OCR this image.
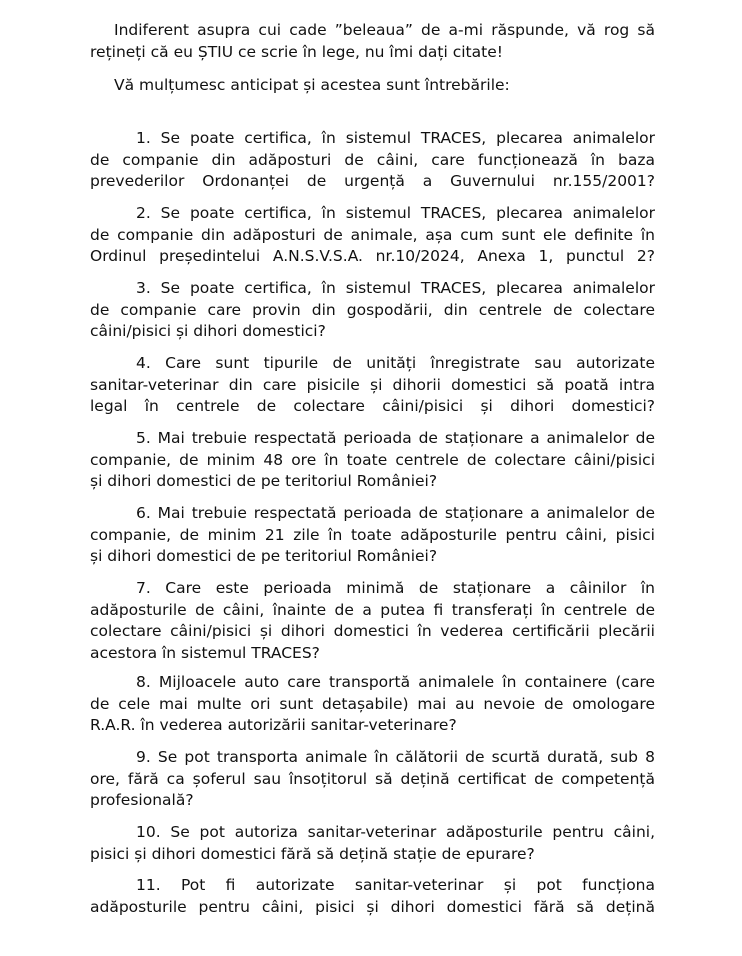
Indiferent asupra cui cade ”beleaua” de a-mi răspunde, vă rog să
rețineți că eu ȘTIU ce scrie în lege, nu îmi dați citate!
Vă mulțumesc anticipat și acestea sunt întrebările:
1. Se poate certifica, în sistemul TRACES, plecarea animalelor
de companie din adăposturi de câini, care funcționează în baza
prevederilor Ordonanței de urgență a Guvernului nr.155/2001?
2. Se poate certifica, în sistemul TRACES, plecarea animalelor
de companie din adăposturi de animale, așa cum sunt ele definite în
Ordinul președintelui A.N.S.V.S.A. nr.10/2024, Anexa 1, punctul 2?
3. Se poate certifica, în sistemul TRACES, plecarea animalelor
de companie care provin din gospodării, din centrele de colectare
câini/pisici și dihori domestici?
4. Care sunt tipurile de unități înregistrate sau autorizate
sanitar-veterinar din care pisicile și dihorii domestici să poată intra
legal în centrele de colectare câini/pisici și dihori domestici?
5. Mai trebuie respectată perioada de staționare a animalelor de
companie, de minim 48 ore în toate centrele de colectare câini/pisici
și dihori domestici de pe teritoriul României?
6. Mai trebuie respectată perioada de staționare a animalelor de
companie, de minim 21 zile în toate adăposturile pentru câini, pisici
și dihori domestici de pe teritoriul României?
7. Care este perioada minimă de staționare a câinilor în
adăposturile de câini, înainte de a putea fi transferați în centrele de
colectare câini/pisici și dihori domestici în vederea certificării plecării
acestora în sistemul TRACES?
8. Mijloacele auto care transportă animalele în containere (care
de cele mai multe ori sunt detașabile) mai au nevoie de omologare
R.A.R. în vederea autorizării sanitar-veterinare?
9. Se pot transporta animale în călătorii de scurtă durată, sub 8
ore, fără ca șoferul sau însoțitorul să dețină certificat de competență
profesională?
10. Se pot autoriza sanitar-veterinar adăposturile pentru câini,
pisici și dihori domestici fără să dețină stație de epurare?
11. Pot fi autorizate sanitar-veterinar și pot funcționa
adăposturile pentru câini, pisici și dihori domestici fără să dețină
